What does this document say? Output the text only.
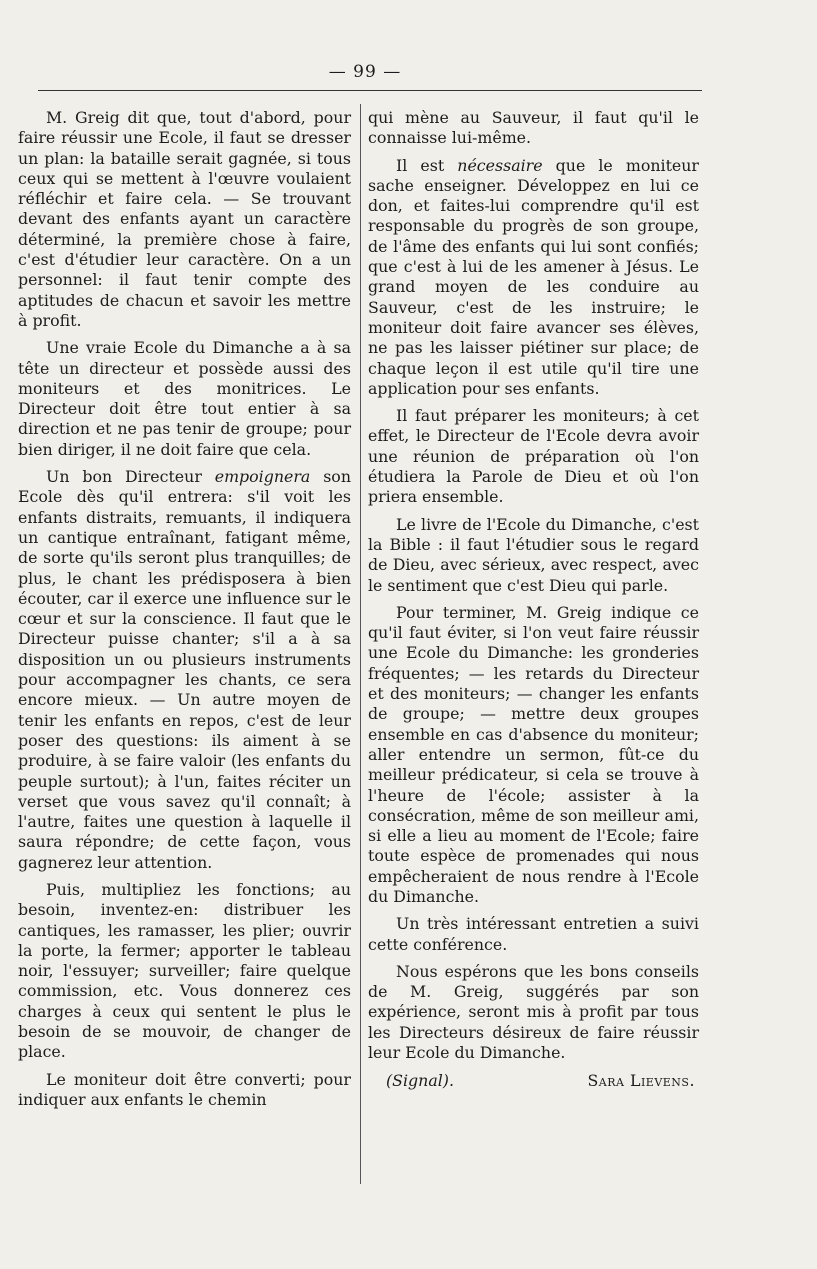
— 99 —

M. Greig dit que, tout d'abord, pour faire réussir une Ecole, il faut se dresser un plan: la bataille serait gagnée, si tous ceux qui se mettent à l'œuvre voulaient réfléchir et faire cela. — Se trouvant devant des enfants ayant un caractère déterminé, la première chose à faire, c'est d'étudier leur caractère. On a un personnel: il faut tenir compte des aptitudes de chacun et savoir les mettre à profit.

Une vraie Ecole du Dimanche a à sa tête un directeur et possède aussi des moniteurs et des monitrices. Le Directeur doit être tout entier à sa direction et ne pas tenir de groupe; pour bien diriger, il ne doit faire que cela.

Un bon Directeur empoignera son Ecole dès qu'il entrera: s'il voit les enfants distraits, remuants, il indiquera un cantique entraînant, fatigant même, de sorte qu'ils seront plus tranquilles; de plus, le chant les prédisposera à bien écouter, car il exerce une influence sur le cœur et sur la conscience. Il faut que le Directeur puisse chanter; s'il a à sa disposition un ou plusieurs instruments pour accompagner les chants, ce sera encore mieux. — Un autre moyen de tenir les enfants en repos, c'est de leur poser des questions: ils aiment à se produire, à se faire valoir (les enfants du peuple surtout); à l'un, faites réciter un verset que vous savez qu'il connaît; à l'autre, faites une question à laquelle il saura répondre; de cette façon, vous gagnerez leur attention.

Puis, multipliez les fonctions; au besoin, inventez-en: distribuer les cantiques, les ramasser, les plier; ouvrir la porte, la fermer; apporter le tableau noir, l'essuyer; surveiller; faire quelque commission, etc. Vous donnerez ces charges à ceux qui sentent le plus le besoin de se mouvoir, de changer de place.

Le moniteur doit être converti; pour indiquer aux enfants le chemin

qui mène au Sauveur, il faut qu'il le connaisse lui-même.

Il est nécessaire que le moniteur sache enseigner. Développez en lui ce don, et faites-lui comprendre qu'il est responsable du progrès de son groupe, de l'âme des enfants qui lui sont confiés; que c'est à lui de les amener à Jésus. Le grand moyen de les conduire au Sauveur, c'est de les instruire; le moniteur doit faire avancer ses élèves, ne pas les laisser piétiner sur place; de chaque leçon il est utile qu'il tire une application pour ses enfants.

Il faut préparer les moniteurs; à cet effet, le Directeur de l'Ecole devra avoir une réunion de préparation où l'on étudiera la Parole de Dieu et où l'on priera ensemble.

Le livre de l'Ecole du Dimanche, c'est la Bible : il faut l'étudier sous le regard de Dieu, avec sérieux, avec respect, avec le sentiment que c'est Dieu qui parle.

Pour terminer, M. Greig indique ce qu'il faut éviter, si l'on veut faire réussir une Ecole du Dimanche: les gronderies fréquentes; — les retards du Directeur et des moniteurs; — changer les enfants de groupe; — mettre deux groupes ensemble en cas d'absence du moniteur; aller entendre un sermon, fût-ce du meilleur prédicateur, si cela se trouve à l'heure de l'école; assister à la consécration, même de son meilleur ami, si elle a lieu au moment de l'Ecole; faire toute espèce de promenades qui nous empêcheraient de nous rendre à l'Ecole du Dimanche.

Un très intéressant entretien a suivi cette conférence.

Nous espérons que les bons conseils de M. Greig, suggérés par son expérience, seront mis à profit par tous les Directeurs désireux de faire réussir leur Ecole du Dimanche.

(Signal).	Sara Lievens.
